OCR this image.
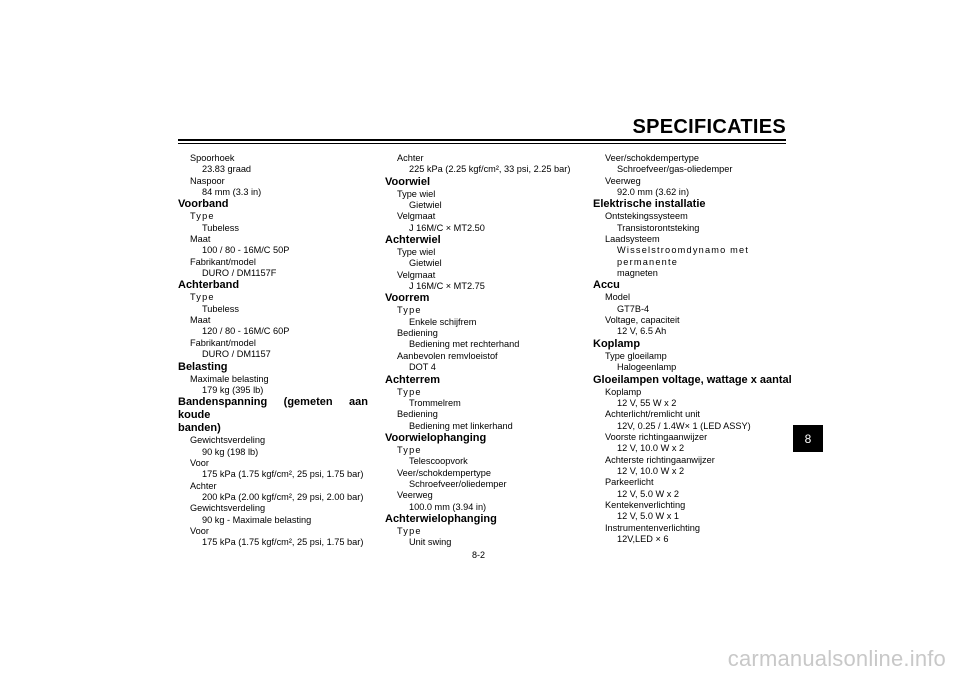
SPECIFICATIES
Spoorhoek
23.83 graad
Naspoor
84 mm (3.3 in)
Voorband
Type
Tubeless
Maat
100 / 80 - 16M/C 50P
Fabrikant/model
DURO / DM1157F
Achterband
Type
Tubeless
Maat
120 / 80 - 16M/C 60P
Fabrikant/model
DURO / DM1157
Belasting
Maximale belasting
179 kg (395 lb)
Bandenspanning (gemeten aan koude
banden)
Gewichtsverdeling
90 kg (198 lb)
Voor
175 kPa (1.75 kgf/cm², 25 psi, 1.75 bar)
Achter
200 kPa (2.00 kgf/cm², 29 psi, 2.00 bar)
Gewichtsverdeling
90 kg - Maximale belasting
Voor
175 kPa (1.75 kgf/cm², 25 psi, 1.75 bar)
Achter
225 kPa (2.25 kgf/cm², 33 psi, 2.25 bar)
Voorwiel
Type wiel
Gietwiel
Velgmaat
J 16M/C × MT2.50
Achterwiel
Type wiel
Gietwiel
Velgmaat
J 16M/C × MT2.75
Voorrem
Type
Enkele schijfrem
Bediening
Bediening met rechterhand
Aanbevolen remvloeistof
DOT 4
Achterrem
Type
Trommelrem
Bediening
Bediening met linkerhand
Voorwielophanging
Type
Telescoopvork
Veer/schokdempertype
Schroefveer/oliedemper
Veerweg
100.0 mm (3.94 in)
Achterwielophanging
Type
Unit swing
Veer/schokdempertype
Schroefveer/gas-oliedemper
Veerweg
92.0 mm (3.62 in)
Elektrische installatie
Ontstekingssysteem
Transistorontsteking
Laadsysteem
Wisselstroomdynamo met permanente
magneten
Accu
Model
GT7B-4
Voltage, capaciteit
12 V, 6.5 Ah
Koplamp
Type gloeilamp
Halogeenlamp
Gloeilampen voltage, wattage x aantal
Koplamp
12 V, 55 W x 2
Achterlicht/remlicht unit
12V, 0.25 / 1.4W× 1 (LED ASSY)
Voorste richtingaanwijzer
12 V, 10.0 W x 2
Achterste richtingaanwijzer
12 V, 10.0 W x 2
Parkeerlicht
12 V, 5.0 W x 2
Kentekenverlichting
12 V, 5.0 W x 1
Instrumentenverlichting
12V,LED × 6
8
8-2
carmanualsonline.info
